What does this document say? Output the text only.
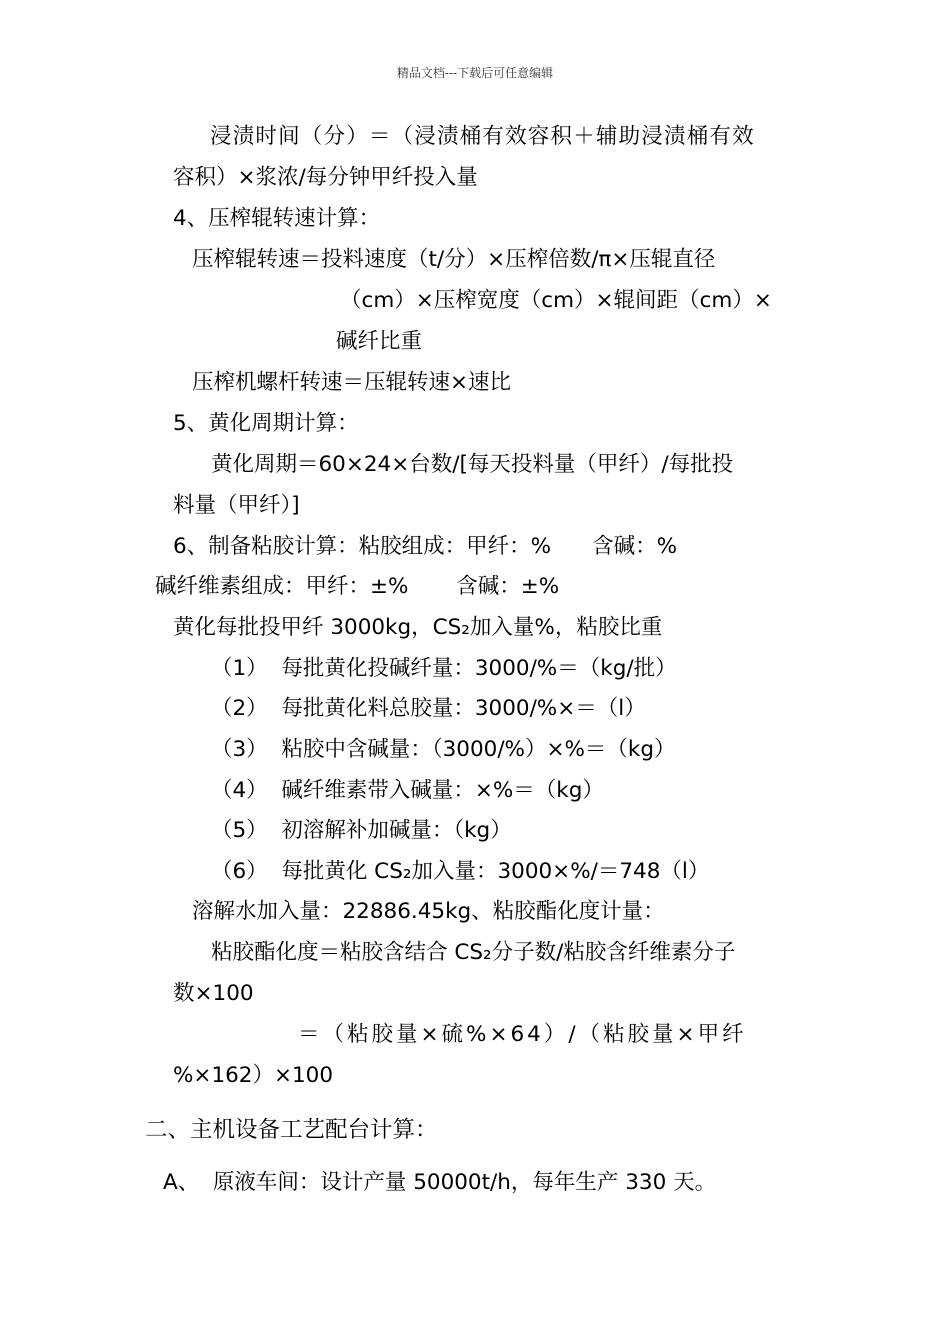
精品文档---下载后可任意编辑
浸渍时间（分）＝（浸渍桶有效容积＋辅助浸渍桶有效
容积）×浆浓/每分钟甲纤投入量
4、压榨辊转速计算：
压榨辊转速＝投料速度（t/分）×压榨倍数/π×压辊直径
（cm）×压榨宽度（cm）×辊间距（cm）×
碱纤比重
压榨机螺杆转速＝压辊转速×速比
5、黄化周期计算：
黄化周期＝60×24×台数/[每天投料量（甲纤）/每批投
料量（甲纤）]
6、制备粘胶计算：粘胶组成：甲纤：%      含碱：%
碱纤维素组成：甲纤：±%       含碱：±%
黄化每批投甲纤 3000kg，CS₂加入量%，粘胶比重
（1）  每批黄化投碱纤量：3000/%＝（kg/批）
（2）  每批黄化料总胶量：3000/%×＝（l）
（3）  粘胶中含碱量：（3000/%）×%＝（kg）
（4）  碱纤维素带入碱量：×%＝（kg）
（5）  初溶解补加碱量：（kg）
（6）  每批黄化 CS₂加入量：3000×%/＝748（l）
溶解水加入量：22886.45kg、粘胶酯化度计量：
粘胶酯化度＝粘胶含结合 CS₂分子数/粘胶含纤维素分子
数×100
＝（粘胶量×硫%×64）/（粘胶量×甲纤
%×162）×100
二、主机设备工艺配台计算：
A、  原液车间：设计产量 50000t/h，每年生产 330 天。
